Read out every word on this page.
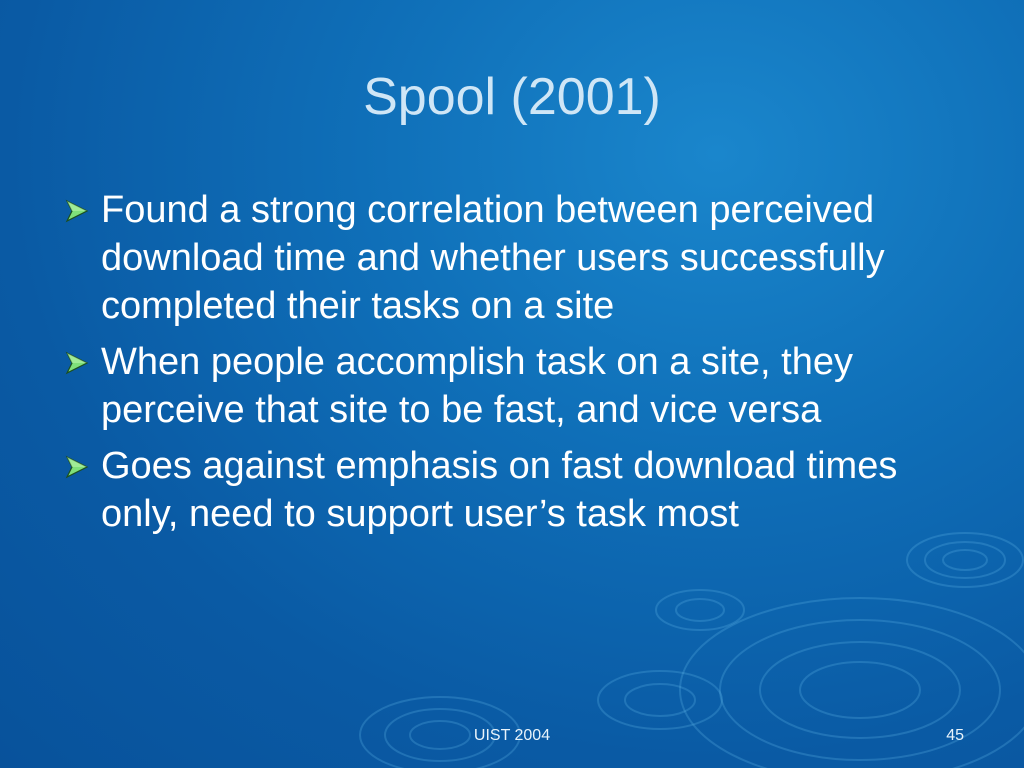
Spool (2001)
Found a strong correlation between perceived download time and whether users successfully completed their tasks on a site
When people accomplish task on a site, they perceive that site to be fast, and vice versa
Goes against emphasis on fast download times only, need to support user’s task most
UIST 2004	45
